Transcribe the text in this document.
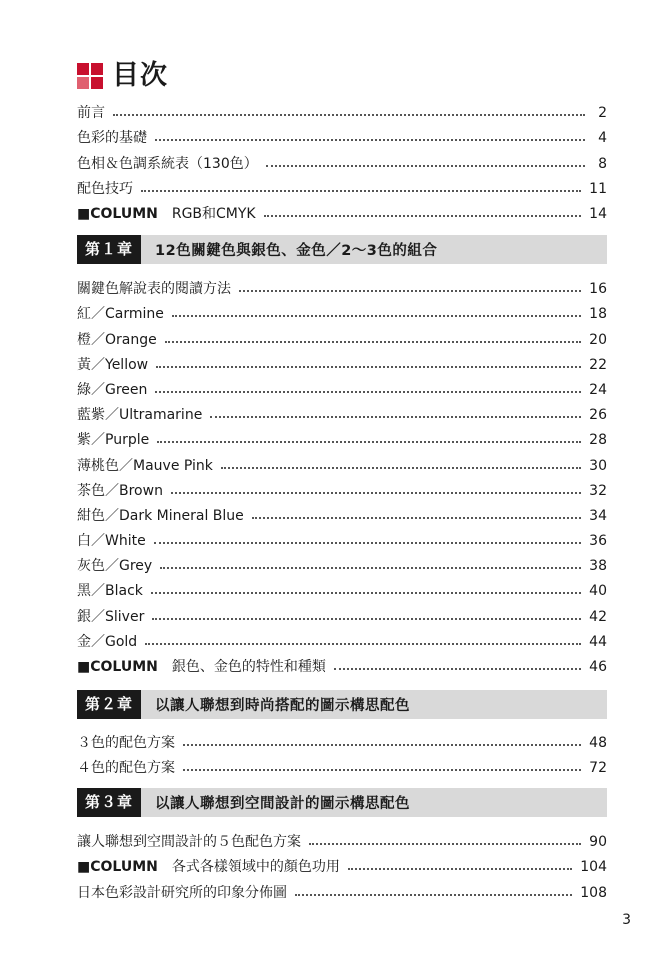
目次
前言	2
色彩的基礎	4
色相＆色調系統表（130色）	8
配色技巧	11
■COLUMN RGB和CMYK	14
第１章	12色關鍵色與銀色、金色／2～3色的組合
關鍵色解說表的閱讀方法	16
紅／Carmine	18
橙／Orange	20
黃／Yellow	22
綠／Green	24
藍紫／Ultramarine	26
紫／Purple	28
薄桃色／Mauve Pink	30
茶色／Brown	32
紺色／Dark Mineral Blue	34
白／White	36
灰色／Grey	38
黑／Black	40
銀／Sliver	42
金／Gold	44
■COLUMN 銀色、金色的特性和種類	46
第２章	以讓人聯想到時尚搭配的圖示構思配色
３色的配色方案	48
４色的配色方案	72
第３章	以讓人聯想到空間設計的圖示構思配色
讓人聯想到空間設計的５色配色方案	90
■COLUMN 各式各樣領域中的顏色功用	104
日本色彩設計研究所的印象分佈圖	108
3
